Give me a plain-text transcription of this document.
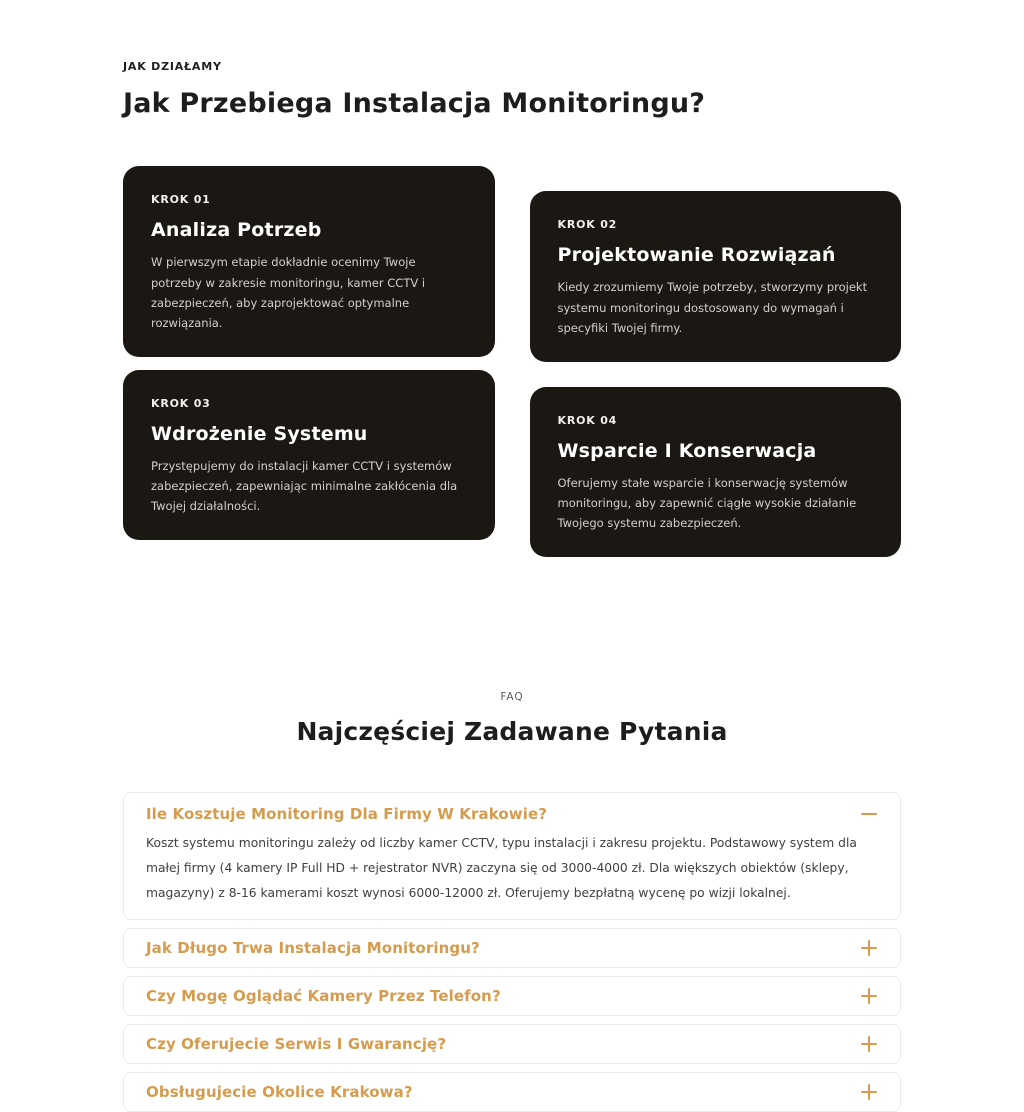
JAK DZIAŁAMY
Jak Przebiega Instalacja Monitoringu?
KROK 01
Analiza Potrzeb
W pierwszym etapie dokładnie ocenimy Twoje potrzeby w zakresie monitoringu, kamer CCTV i zabezpieczeń, aby zaprojektować optymalne rozwiązania.
KROK 03
Wdrożenie Systemu
Przystępujemy do instalacji kamer CCTV i systemów zabezpieczeń, zapewniając minimalne zakłócenia dla Twojej działalności.
KROK 02
Projektowanie Rozwiązań
Kiedy zrozumiemy Twoje potrzeby, stworzymy projekt systemu monitoringu dostosowany do wymagań i specyfiki Twojej firmy.
KROK 04
Wsparcie I Konserwacja
Oferujemy stałe wsparcie i konserwację systemów monitoringu, aby zapewnić ciągłe wysokie działanie Twojego systemu zabezpieczeń.
FAQ
Najczęściej Zadawane Pytania
Ile Kosztuje Monitoring Dla Firmy W Krakowie?
Koszt systemu monitoringu zależy od liczby kamer CCTV, typu instalacji i zakresu projektu. Podstawowy system dla małej firmy (4 kamery IP Full HD + rejestrator NVR) zaczyna się od 3000-4000 zł. Dla większych obiektów (sklepy, magazyny) z 8-16 kamerami koszt wynosi 6000-12000 zł. Oferujemy bezpłatną wycenę po wizji lokalnej.
Jak Długo Trwa Instalacja Monitoringu?
Czy Mogę Oglądać Kamery Przez Telefon?
Czy Oferujecie Serwis I Gwarancję?
Obsługujecie Okolice Krakowa?
